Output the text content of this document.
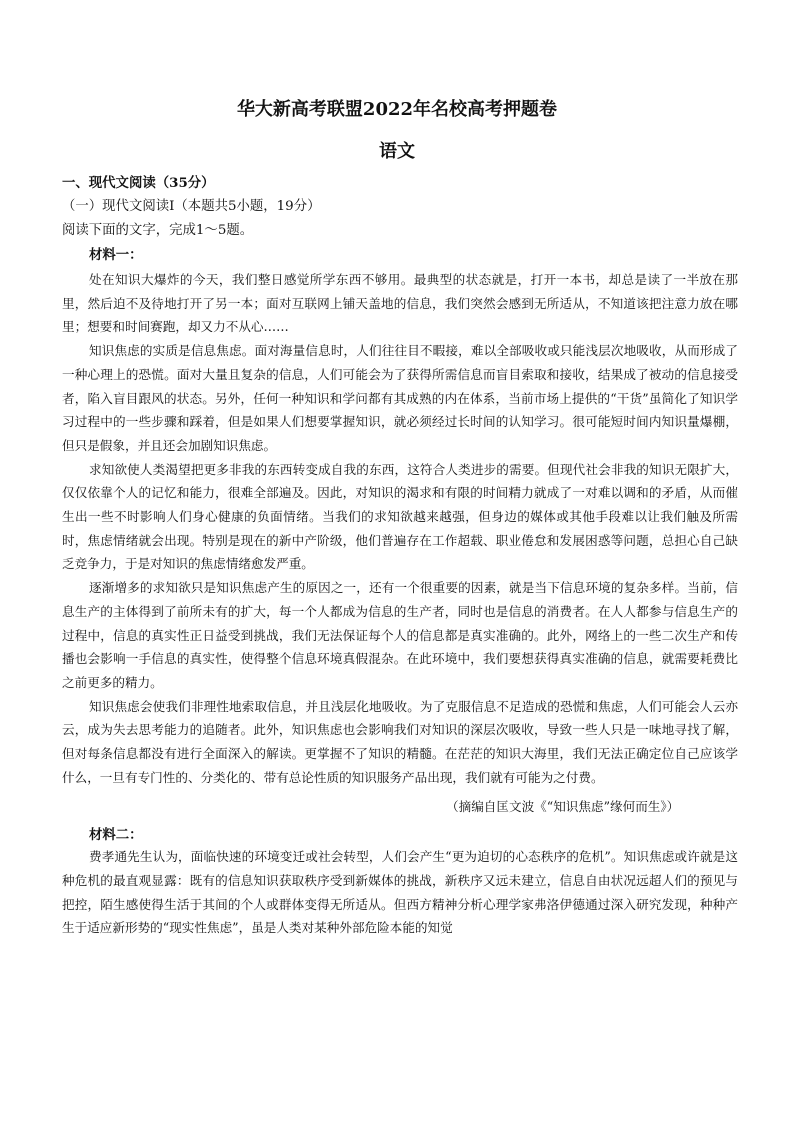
华大新高考联盟2022年名校高考押题卷
语文
一、现代文阅读（35分）
（一）现代文阅读Ⅰ（本题共5小题，19分）
阅读下面的文字，完成1～5题。
材料一：

处在知识大爆炸的今天，我们整日感觉所学东西不够用。最典型的状态就是，打开一本书，却总是读了一半放在那里，然后迫不及待地打开了另一本；面对互联网上铺天盖地的信息，我们突然会感到无所适从，不知道该把注意力放在哪里；想要和时间赛跑，却又力不从心……

知识焦虑的实质是信息焦虑。面对海量信息时，人们往往目不暇接，难以全部吸收或只能浅层次地吸收，从而形成了一种心理上的恐慌。面对大量且复杂的信息，人们可能会为了获得所需信息而盲目索取和接收，结果成了被动的信息接受者，陷入盲目跟风的状态。另外，任何一种知识和学问都有其成熟的内在体系，当前市场上提供的“干货”虽简化了知识学习过程中的一些步骤和踩着，但是如果人们想要掌握知识，就必须经过长时间的认知学习。很可能短时间内知识量爆棚，但只是假象，并且还会加剧知识焦虑。

求知欲使人类渴望把更多非我的东西转变成自我的东西，这符合人类进步的需要。但现代社会非我的知识无限扩大，仅仅依靠个人的记忆和能力，很难全部遍及。因此，对知识的渴求和有限的时间精力就成了一对难以调和的矛盾，从而催生出一些不时影响人们身心健康的负面情绪。当我们的求知欲越来越强，但身边的媒体或其他手段难以让我们触及所需时，焦虑情绪就会出现。特别是现在的新中产阶级，他们普遍存在工作超载、职业倦怠和发展困惑等问题，总担心自己缺乏竞争力，于是对知识的焦虑情绪愈发严重。

逐渐增多的求知欲只是知识焦虑产生的原因之一，还有一个很重要的因素，就是当下信息环境的复杂多样。当前，信息生产的主体得到了前所未有的扩大，每一个人都成为信息的生产者，同时也是信息的消费者。在人人都参与信息生产的过程中，信息的真实性正日益受到挑战，我们无法保证每个人的信息都是真实准确的。此外，网络上的一些二次生产和传播也会影响一手信息的真实性，使得整个信息环境真假混杂。在此环境中，我们要想获得真实准确的信息，就需要耗费比之前更多的精力。

知识焦虑会使我们非理性地索取信息，并且浅层化地吸收。为了克服信息不足造成的恐慌和焦虑，人们可能会人云亦云，成为失去思考能力的追随者。此外，知识焦虑也会影响我们对知识的深层次吸收，导致一些人只是一味地寻找了解，但对每条信息都没有进行全面深入的解读。更掌握不了知识的精髓。在茫茫的知识大海里，我们无法正确定位自己应该学什么，一旦有专门性的、分类化的、带有总论性质的知识服务产品出现，我们就有可能为之付费。

（摘编自匡文波《“知识焦虑”缘何而生》）
材料二：

费孝通先生认为，面临快速的环境变迁或社会转型，人们会产生“更为迫切的心态秩序的危机”。知识焦虑或许就是这种危机的最直观显露：既有的信息知识获取秩序受到新媒体的挑战，新秩序又远未建立，信息自由状况远超人们的预见与把控，陌生感使得生活于其间的个人或群体变得无所适从。但西方精神分析心理学家弗洛伊德通过深入研究发现，种种产生于适应新形势的“现实性焦虑”，虽是人类对某种外部危险本能的知觉
